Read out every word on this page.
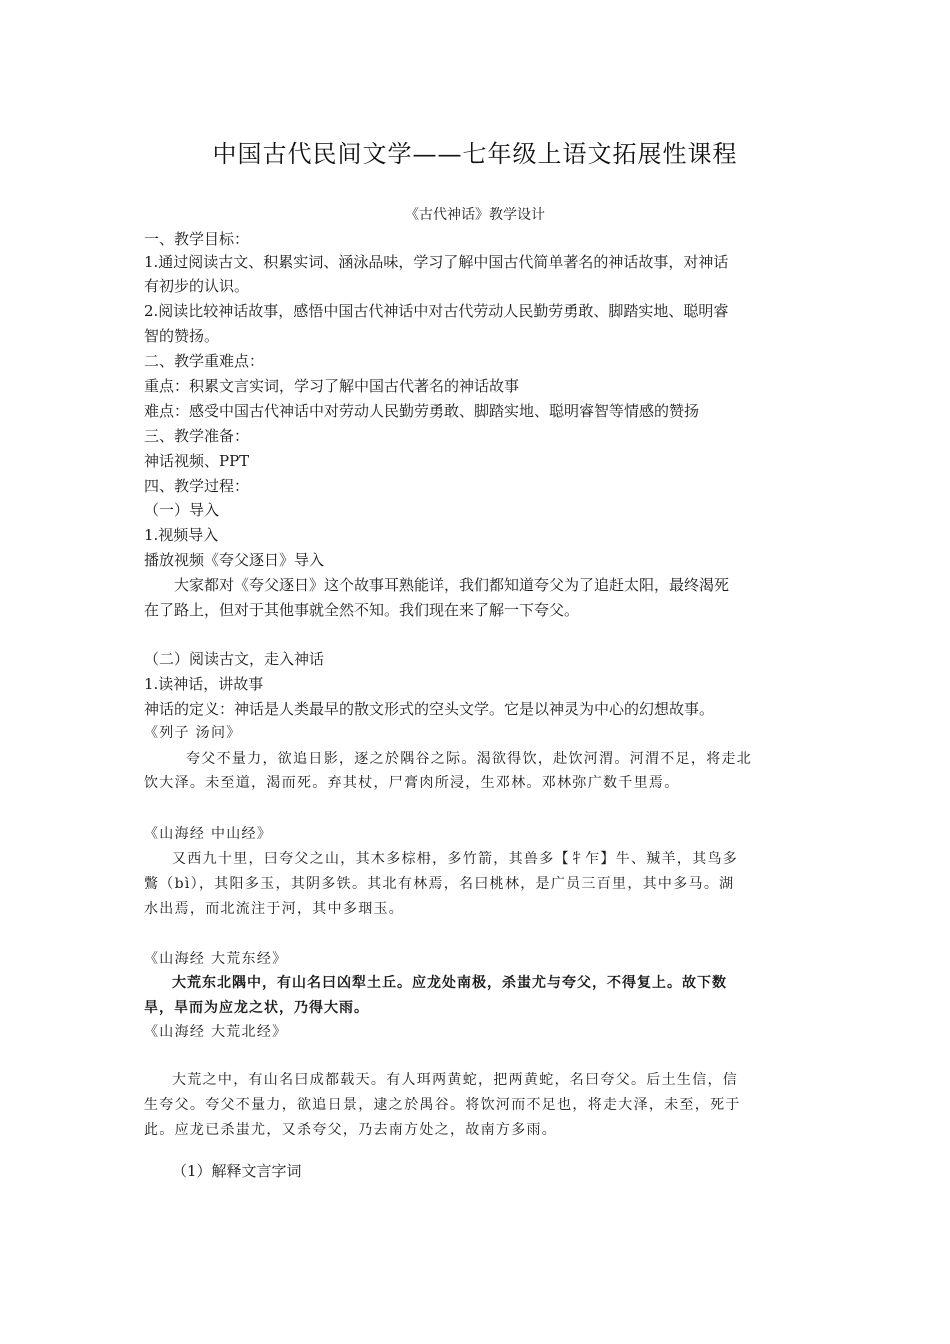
中国古代民间文学——七年级上语文拓展性课程
《古代神话》教学设计
一、教学目标：
1.通过阅读古文、积累实词、涵泳品味，学习了解中国古代简单著名的神话故事，对神话
有初步的认识。
2.阅读比较神话故事，感悟中国古代神话中对古代劳动人民勤劳勇敢、脚踏实地、聪明睿
智的赞扬。
二、教学重难点：
重点：积累文言实词，学习了解中国古代著名的神话故事
难点：感受中国古代神话中对劳动人民勤劳勇敢、脚踏实地、聪明睿智等情感的赞扬
三、教学准备：
神话视频、PPT
四、教学过程：
（一）导入
1.视频导入
播放视频《夸父逐日》导入
大家都对《夸父逐日》这个故事耳熟能详，我们都知道夸父为了追赶太阳，最终渴死
在了路上，但对于其他事就全然不知。我们现在来了解一下夸父。
（二）阅读古文，走入神话
1.读神话，讲故事
神话的定义：神话是人类最早的散文形式的空头文学。它是以神灵为中心的幻想故事。
《列子 汤问》
夸父不量力，欲追日影，逐之於隅谷之际。渴欲得饮，赴饮河渭。河渭不足，将走北
饮大泽。未至道，渴而死。弃其杖，尸膏肉所浸，生邓林。邓林弥广数千里焉。
《山海经 中山经》
又西九十里，曰夸父之山，其木多棕枏，多竹箭，其兽多【牜乍】牛、羬羊，其鸟多
鷩（bì），其阳多玉，其阴多铁。其北有林焉，名曰桃林，是广员三百里，其中多马。湖
水出焉，而北流注于河，其中多珚玉。
《山海经 大荒东经》
大荒东北隅中，有山名曰凶犁土丘。应龙处南极，杀蚩尤与夸父，不得复上。故下数
旱，旱而为应龙之状，乃得大雨。
《山海经 大荒北经》
大荒之中，有山名曰成都载天。有人珥两黄蛇，把两黄蛇，名曰夸父。后土生信，信
生夸父。夸父不量力，欲追日景，逮之於禺谷。将饮河而不足也，将走大泽，未至，死于
此。应龙已杀蚩尤，又杀夸父，乃去南方处之，故南方多雨。
（1）解释文言字词
